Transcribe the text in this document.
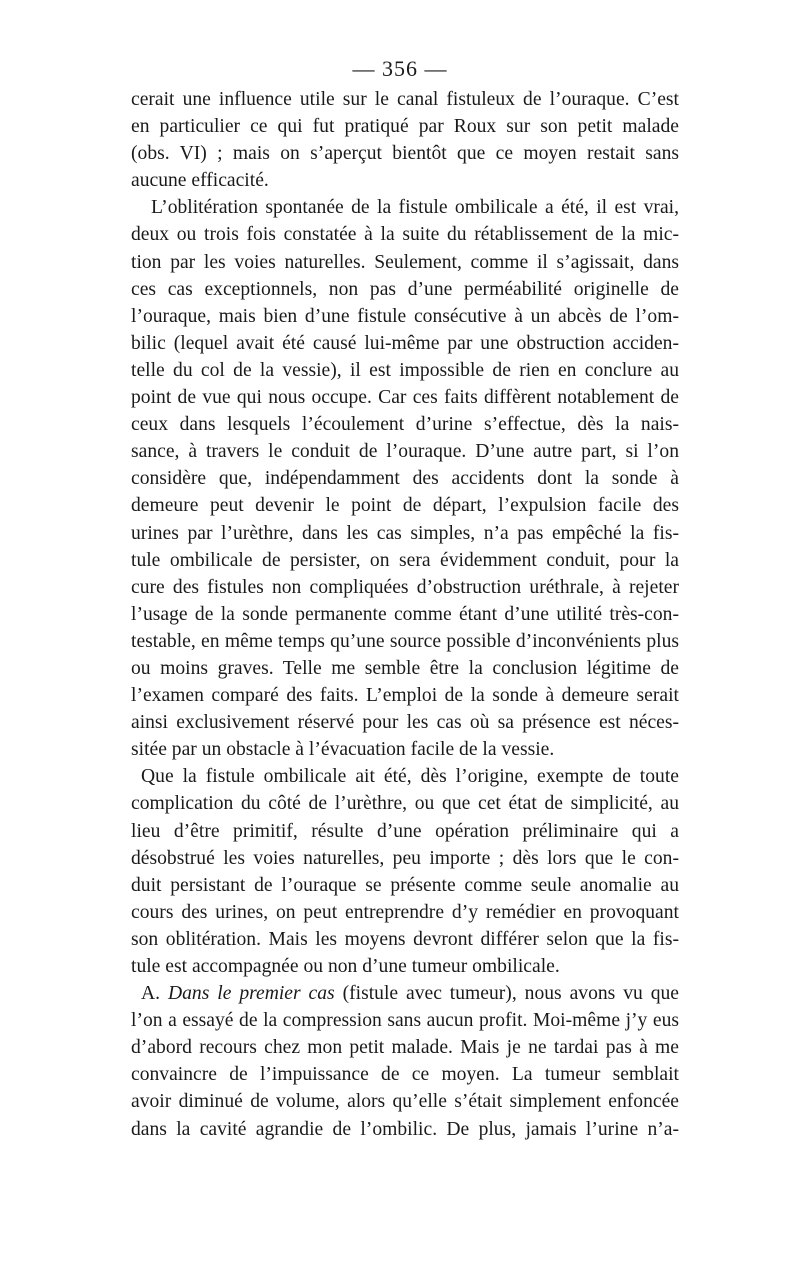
— 356 —
cerait une influence utile sur le canal fistuleux de l’ouraque. C’est
en particulier ce qui fut pratiqué par Roux sur son petit malade
(obs. VI) ; mais on s’aperçut bientôt que ce moyen restait sans
aucune efficacité.
L’oblitération spontanée de la fistule ombilicale a été, il est vrai,
deux ou trois fois constatée à la suite du rétablissement de la mic-
tion par les voies naturelles. Seulement, comme il s’agissait, dans
ces cas exceptionnels, non pas d’une perméabilité originelle de
l’ouraque, mais bien d’une fistule consécutive à un abcès de l’om-
bilic (lequel avait été causé lui-même par une obstruction acciden-
telle du col de la vessie), il est impossible de rien en conclure au
point de vue qui nous occupe. Car ces faits diffèrent notablement de
ceux dans lesquels l’écoulement d’urine s’effectue, dès la nais-
sance, à travers le conduit de l’ouraque. D’une autre part, si l’on
considère que, indépendamment des accidents dont la sonde à
demeure peut devenir le point de départ, l’expulsion facile des
urines par l’urèthre, dans les cas simples, n’a pas empêché la fis-
tule ombilicale de persister, on sera évidemment conduit, pour la
cure des fistules non compliquées d’obstruction uréthrale, à rejeter
l’usage de la sonde permanente comme étant d’une utilité très-con-
testable, en même temps qu’une source possible d’inconvénients plus
ou moins graves. Telle me semble être la conclusion légitime de
l’examen comparé des faits. L’emploi de la sonde à demeure serait
ainsi exclusivement réservé pour les cas où sa présence est néces-
sitée par un obstacle à l’évacuation facile de la vessie.
Que la fistule ombilicale ait été, dès l’origine, exempte de toute
complication du côté de l’urèthre, ou que cet état de simplicité, au
lieu d’être primitif, résulte d’une opération préliminaire qui a
désobstrué les voies naturelles, peu importe ; dès lors que le con-
duit persistant de l’ouraque se présente comme seule anomalie au
cours des urines, on peut entreprendre d’y remédier en provoquant
son oblitération. Mais les moyens devront différer selon que la fis-
tule est accompagnée ou non d’une tumeur ombilicale.
A. Dans le premier cas (fistule avec tumeur), nous avons vu que
l’on a essayé de la compression sans aucun profit. Moi-même j’y eus
d’abord recours chez mon petit malade. Mais je ne tardai pas à me
convaincre de l’impuissance de ce moyen. La tumeur semblait
avoir diminué de volume, alors qu’elle s’était simplement enfoncée
dans la cavité agrandie de l’ombilic. De plus, jamais l’urine n’a-
